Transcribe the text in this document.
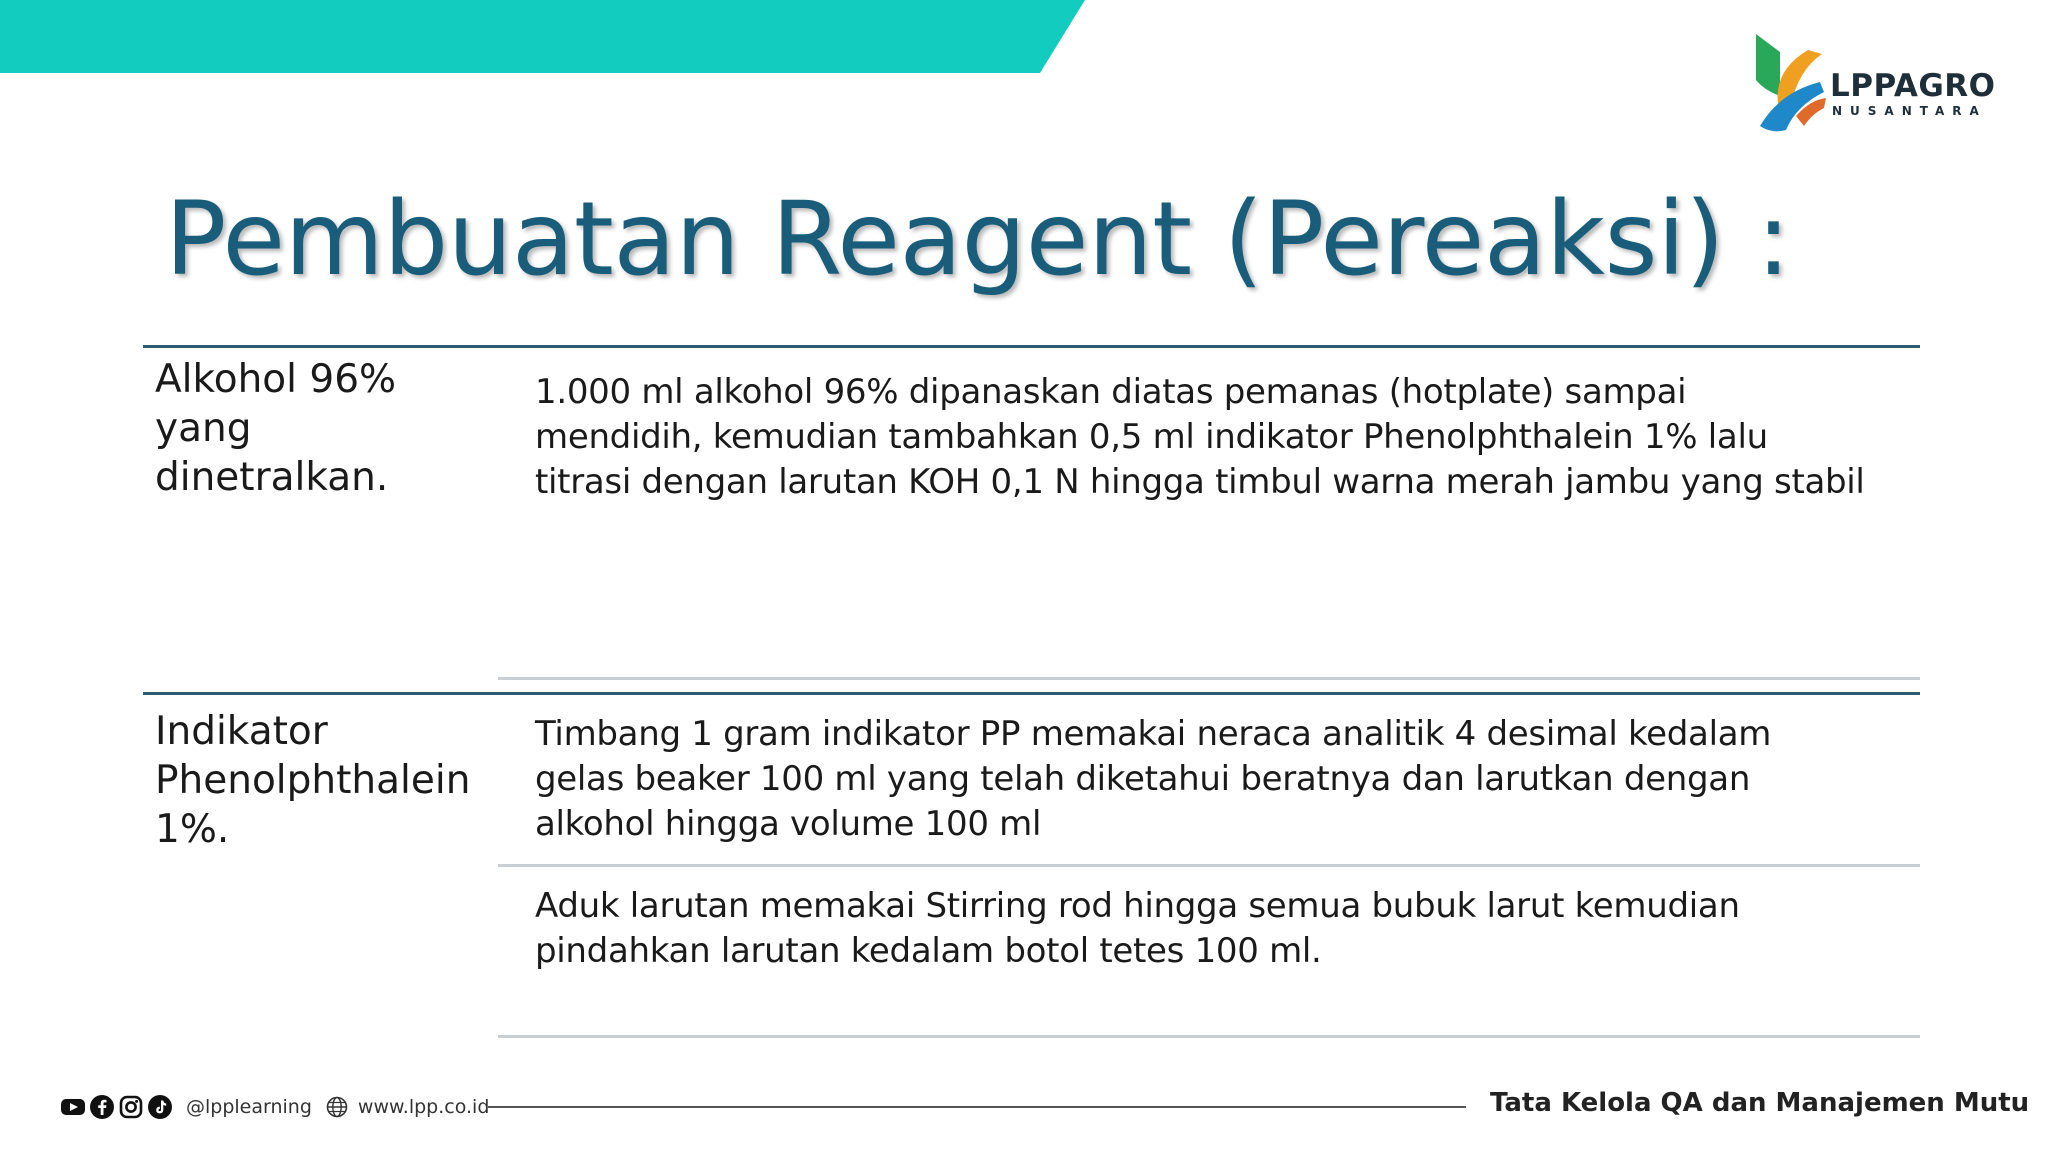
LPPAGRO
NUSANTARA
Pembuatan Reagent (Pereaksi) :
Alkohol 96%
yang
dinetralkan.
1.000 ml alkohol 96% dipanaskan diatas pemanas (hotplate) sampai
mendidih, kemudian tambahkan 0,5 ml indikator Phenolphthalein 1% lalu
titrasi dengan larutan KOH 0,1 N hingga timbul warna merah jambu yang stabil
Indikator
Phenolphthalein
1%.
Timbang 1 gram indikator PP memakai neraca analitik 4 desimal kedalam
gelas beaker 100 ml yang telah diketahui beratnya dan larutkan dengan
alkohol hingga volume 100 ml
Aduk larutan memakai Stirring rod hingga semua bubuk larut kemudian
pindahkan larutan kedalam botol tetes 100 ml.
@lpplearning www.lpp.co.id	Tata Kelola QA dan Manajemen Mutu
